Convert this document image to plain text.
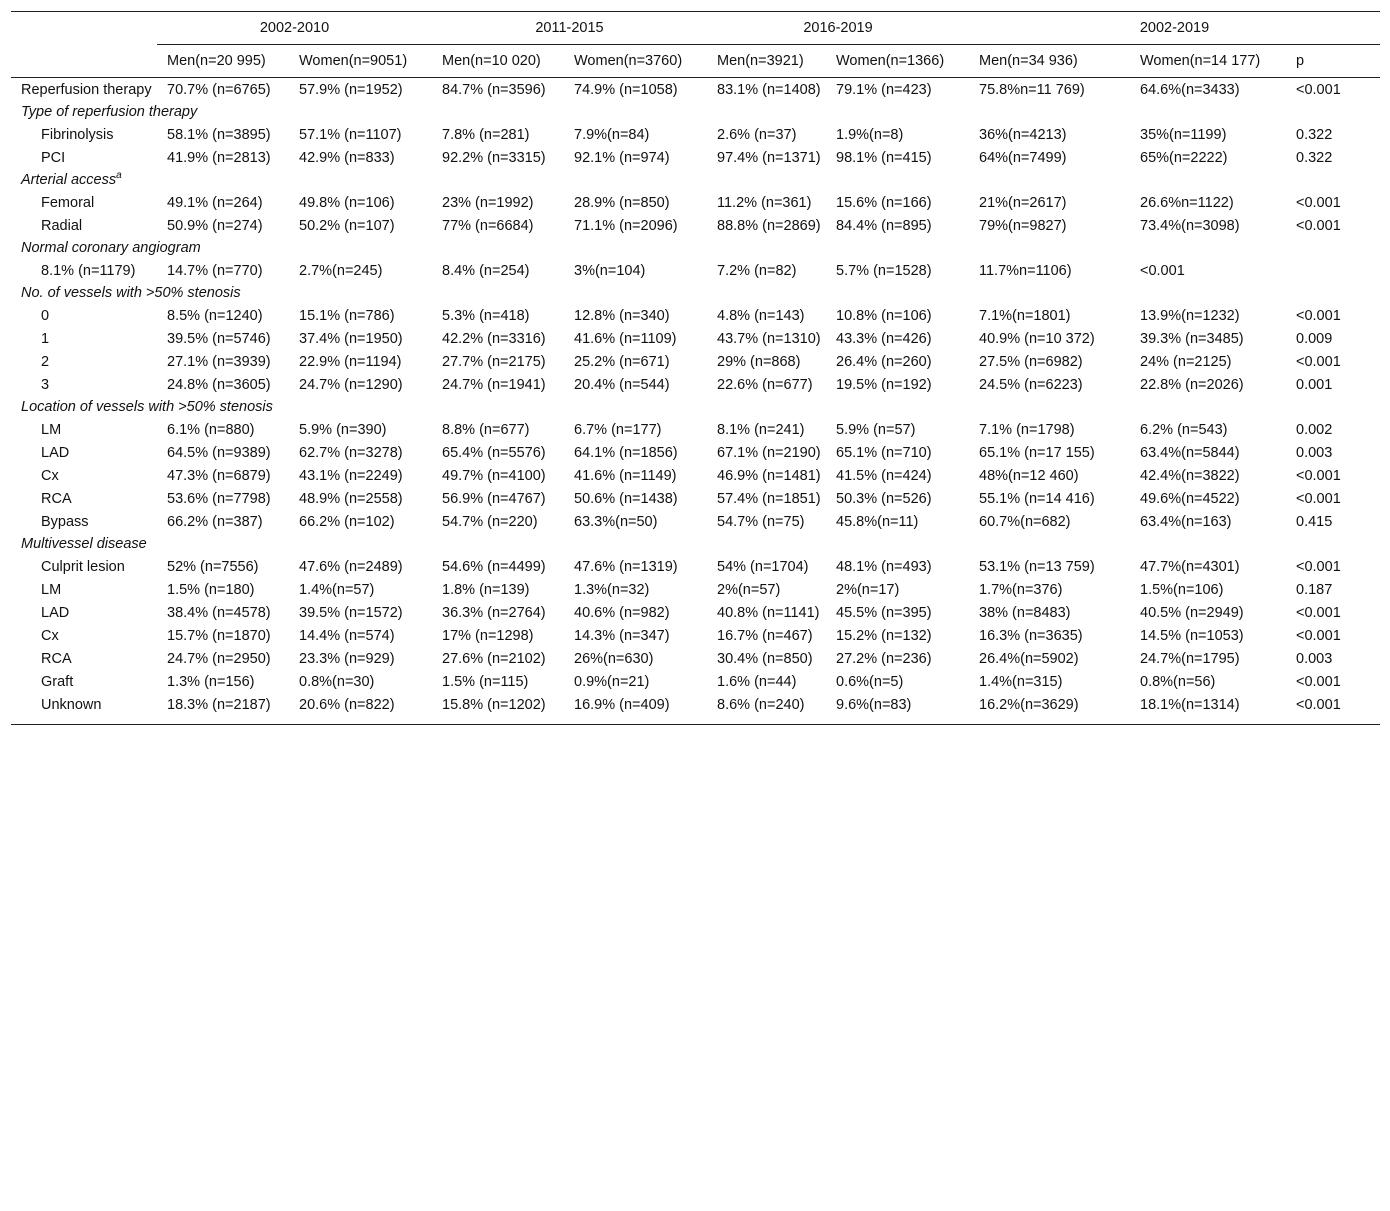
	2002-2010		2011-2015		2016-2019		2002-2019		
	Men(n=20 995)	Women(n=9051)	Men(n=10 020)	Women(n=3760)	Men(n=3921)	Women(n=1366)	Men(n=34 936)	Women(n=14 177)	p
Reperfusion therapy	70.7% (n=6765)	57.9% (n=1952)	84.7% (n=3596)	74.9% (n=1058)	83.1% (n=1408)	79.1% (n=423)	75.8%n=11 769)	64.6%(n=3433)	<0.001
Type of reperfusion therapy									
Fibrinolysis	58.1% (n=3895)	57.1% (n=1107)	7.8% (n=281)	7.9%(n=84)	2.6% (n=37)	1.9%(n=8)	36%(n=4213)	35%(n=1199)	0.322
PCI	41.9% (n=2813)	42.9% (n=833)	92.2% (n=3315)	92.1% (n=974)	97.4% (n=1371)	98.1% (n=415)	64%(n=7499)	65%(n=2222)	0.322
Arterial access$^a$
Femoral	49.1% (n=264)	49.8% (n=106)	23% (n=1992)	28.9% (n=850)	11.2% (n=361)	15.6% (n=166)	21%(n=2617)	26.6%n=1122)	<0.001
Radial	50.9% (n=274)	50.2% (n=107)	77% (n=6684)	71.1% (n=2096)	88.8% (n=2869)	84.4% (n=895)	79%(n=9827)	73.4%(n=3098)	<0.001
Normal coronary angiogram									
8.1% (n=1179)	14.7% (n=770)	2.7%(n=245)	8.4% (n=254)	3%(n=104)	7.2% (n=82)	5.7% (n=1528)	11.7%n=1106)	<0.001	
No. of vessels with >50% stenosis									
0	8.5% (n=1240)	15.1% (n=786)	5.3% (n=418)	12.8% (n=340)	4.8% (n=143)	10.8% (n=106)	7.1%(n=1801)	13.9%(n=1232)	<0.001
1	39.5% (n=5746)	37.4% (n=1950)	42.2% (n=3316)	41.6% (n=1109)	43.7% (n=1310)	43.3% (n=426)	40.9% (n=10 372)	39.3% (n=3485)	0.009
2	27.1% (n=3939)	22.9% (n=1194)	27.7% (n=2175)	25.2% (n=671)	29% (n=868)	26.4% (n=260)	27.5% (n=6982)	24% (n=2125)	<0.001
3	24.8% (n=3605)	24.7% (n=1290)	24.7% (n=1941)	20.4% (n=544)	22.6% (n=677)	19.5% (n=192)	24.5% (n=6223)	22.8% (n=2026)	0.001
Location of vessels with >50% stenosis									
LM	6.1% (n=880)	5.9% (n=390)	8.8% (n=677)	6.7% (n=177)	8.1% (n=241)	5.9% (n=57)	7.1% (n=1798)	6.2% (n=543)	0.002
LAD	64.5% (n=9389)	62.7% (n=3278)	65.4% (n=5576)	64.1% (n=1856)	67.1% (n=2190)	65.1% (n=710)	65.1% (n=17 155)	63.4%(n=5844)	0.003
Cx	47.3% (n=6879)	43.1% (n=2249)	49.7% (n=4100)	41.6% (n=1149)	46.9% (n=1481)	41.5% (n=424)	48%(n=12 460)	42.4%(n=3822)	<0.001
RCA	53.6% (n=7798)	48.9% (n=2558)	56.9% (n=4767)	50.6% (n=1438)	57.4% (n=1851)	50.3% (n=526)	55.1% (n=14 416)	49.6%(n=4522)	<0.001
Bypass	66.2% (n=387)	66.2% (n=102)	54.7% (n=220)	63.3%(n=50)	54.7% (n=75)	45.8%(n=11)	60.7%(n=682)	63.4%(n=163)	0.415
Multivessel disease									
Culprit lesion	52% (n=7556)	47.6% (n=2489)	54.6% (n=4499)	47.6% (n=1319)	54% (n=1704)	48.1% (n=493)	53.1% (n=13 759)	47.7%(n=4301)	<0.001
LM	1.5% (n=180)	1.4%(n=57)	1.8% (n=139)	1.3%(n=32)	2%(n=57)	2%(n=17)	1.7%(n=376)	1.5%(n=106)	0.187
LAD	38.4% (n=4578)	39.5% (n=1572)	36.3% (n=2764)	40.6% (n=982)	40.8% (n=1141)	45.5% (n=395)	38% (n=8483)	40.5% (n=2949)	<0.001
Cx	15.7% (n=1870)	14.4% (n=574)	17% (n=1298)	14.3% (n=347)	16.7% (n=467)	15.2% (n=132)	16.3% (n=3635)	14.5% (n=1053)	<0.001
RCA	24.7% (n=2950)	23.3% (n=929)	27.6% (n=2102)	26%(n=630)	30.4% (n=850)	27.2% (n=236)	26.4%(n=5902)	24.7%(n=1795)	0.003
Graft	1.3% (n=156)	0.8%(n=30)	1.5% (n=115)	0.9%(n=21)	1.6% (n=44)	0.6%(n=5)	1.4%(n=315)	0.8%(n=56)	<0.001
Unknown	18.3% (n=2187)	20.6% (n=822)	15.8% (n=1202)	16.9% (n=409)	8.6% (n=240)	9.6%(n=83)	16.2%(n=3629)	18.1%(n=1314)	<0.001
